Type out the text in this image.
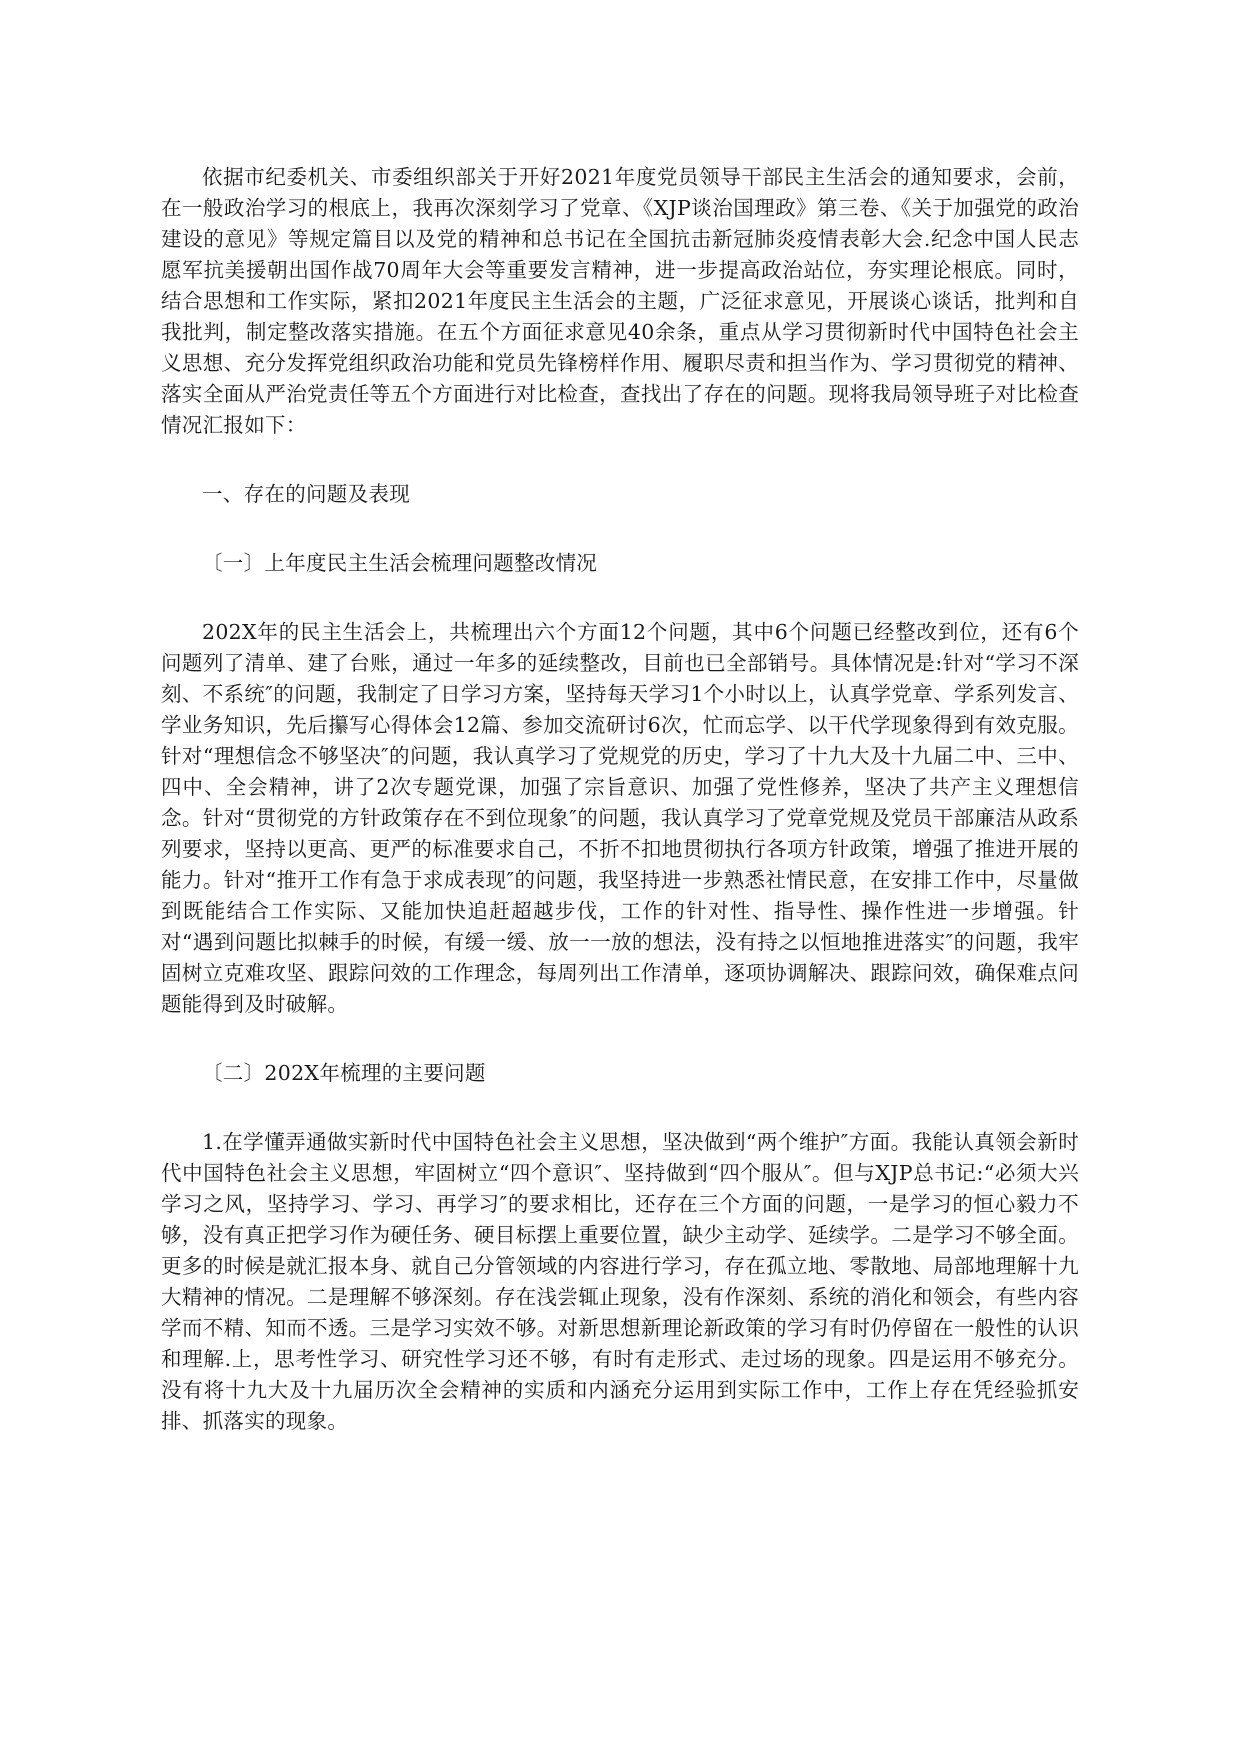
依据市纪委机关、市委组织部关于开好2021年度党员领导干部民主生活会的通知要求，会前，在一般政治学习的根底上，我再次深刻学习了党章、《XJP谈治国理政》第三卷、《关于加强党的政治建设的意见》等规定篇目以及党的精神和总书记在全国抗击新冠肺炎疫情表彰大会.纪念中国人民志愿军抗美援朝出国作战70周年大会等重要发言精神，进一步提高政治站位，夯实理论根底。同时，结合思想和工作实际，紧扣2021年度民主生活会的主题，广泛征求意见，开展谈心谈话，批判和自我批判，制定整改落实措施。在五个方面征求意见40余条，重点从学习贯彻新时代中国特色社会主义思想、充分发挥党组织政治功能和党员先锋榜样作用、履职尽责和担当作为、学习贯彻党的精神、落实全面从严治党责任等五个方面进行对比检查，查找出了存在的问题。现将我局领导班子对比检查情况汇报如下：

一、存在的问题及表现

〔一〕上年度民主生活会梳理问题整改情况

202X年的民主生活会上，共梳理出六个方面12个问题，其中6个问题已经整改到位，还有6个问题列了清单、建了台账，通过一年多的延续整改，目前也已全部销号。具体情况是:针对“学习不深刻、不系统″的问题，我制定了日学习方案，坚持每天学习1个小时以上，认真学党章、学系列发言、学业务知识，先后攥写心得体会12篇、参加交流研讨6次，忙而忘学、以干代学现象得到有效克服。针对“理想信念不够坚决″的问题，我认真学习了党规党的历史，学习了十九大及十九届二中、三中、四中、全会精神，讲了2次专题党课，加强了宗旨意识、加强了党性修养，坚决了共产主义理想信念。针对“贯彻党的方针政策存在不到位现象″的问题，我认真学习了党章党规及党员干部廉洁从政系列要求，坚持以更高、更严的标准要求自己，不折不扣地贯彻执行各项方针政策，增强了推进开展的能力。针对“推开工作有急于求成表现″的问题，我坚持进一步熟悉社情民意，在安排工作中，尽量做到既能结合工作实际、又能加快追赶超越步伐，工作的针对性、指导性、操作性进一步增强。针对“遇到问题比拟棘手的时候，有缓一缓、放一一放的想法，没有持之以恒地推进落实″的问题，我牢固树立克难攻坚、跟踪问效的工作理念，每周列出工作清单，逐项协调解决、跟踪问效，确保难点问题能得到及时破解。

〔二〕202X年梳理的主要问题

1.在学懂弄通做实新时代中国特色社会主义思想，坚决做到“两个维护″方面。我能认真领会新时代中国特色社会主义思想，牢固树立“四个意识″、坚持做到“四个服从″。但与XJP总书记:“必须大兴学习之风，坚持学习、学习、再学习″的要求相比，还存在三个方面的问题，一是学习的恒心毅力不够，没有真正把学习作为硬任务、硬目标摆上重要位置，缺少主动学、延续学。二是学习不够全面。更多的时候是就汇报本身、就自己分管领域的内容进行学习，存在孤立地、零散地、局部地理解十九大精神的情况。二是理解不够深刻。存在浅尝辄止现象，没有作深刻、系统的消化和领会，有些内容学而不精、知而不透。三是学习实效不够。对新思想新理论新政策的学习有时仍停留在一般性的认识和理解.上，思考性学习、研究性学习还不够，有时有走形式、走过场的现象。四是运用不够充分。没有将十九大及十九届历次全会精神的实质和内涵充分运用到实际工作中，工作上存在凭经验抓安排、抓落实的现象。
